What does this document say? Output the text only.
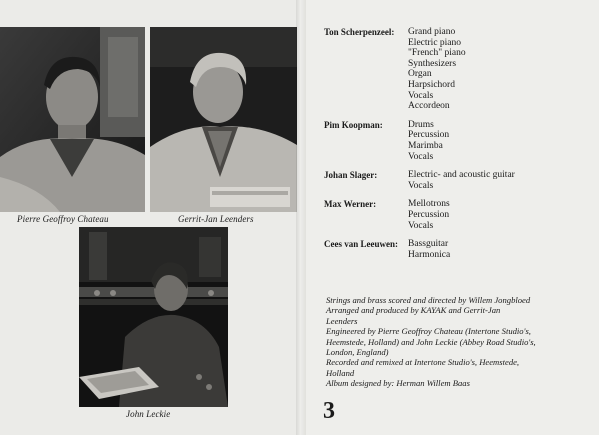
Pierre Geoffroy Chateau	Gerrit-Jan Leenders
John Leckie
Ton Scherpenzeel:	Grand piano
Electric piano
"French" piano
Synthesizers
Organ
Harpsichord
Vocals
Accordeon
Pim Koopman:	Drums
Percussion
Marimba
Vocals
Johan Slager:	Electric- and acoustic guitar
Vocals
Max Werner:	Mellotrons
Percussion
Vocals
Cees van Leeuwen:	Bassguitar
Harmonica
Strings and brass scored and directed by Willem Jongbloed
Arranged and produced by KAYAK and Gerrit-Jan
Leenders
Engineered by Pierre Geoffroy Chateau (Intertone Studio's,
Heemstede, Holland) and John Leckie (Abbey Road Studio's,
London, England)
Recorded and remixed at Intertone Studio's, Heemstede,
Holland
Album designed by: Herman Willem Baas
3
